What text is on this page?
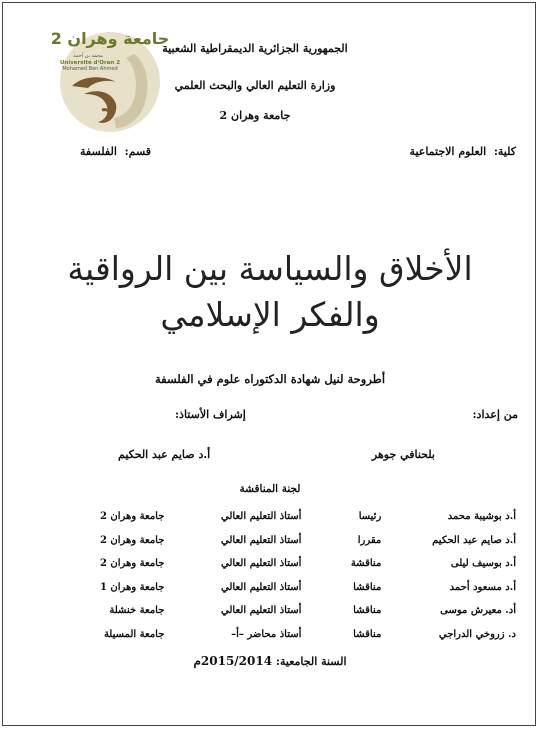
جامعة وهران 2
محمد بن أحمد
Université d'Oran 2
Mohamed Ben Ahmed
الجمهورية الجزائرية الديمقراطية الشعبية
وزارة التعليم العالي والبحث العلمي
جامعة وهران 2
كلية:  العلوم الاجتماعية
قسم:  الفلسفة
الأخلاق والسياسة بين الرواقية
والفكر الإسلامي
أطروحة لنيل شهادة الدكتوراه علوم في الفلسفة
من إعداد:
إشراف الأستاذ:
بلحنافي جوهر
أ.د صايم عبد الحكيم
لجنة المناقشة
أ.د بوشيبة محمد	رئيسا	أستاذ التعليم العالي	جامعة وهران 2
أ.د صايم عبد الحكيم	مقررا	أستاذ التعليم العالي	جامعة وهران 2
أ.د بوسيف ليلى	مناقشة	أستاذ التعليم العالي	جامعة وهران 2
أ.د مسعود أحمد	مناقشا	أستاذ التعليم العالي	جامعة وهران 1
أد. معيرش موسى	مناقشا	أستاذ التعليم العالي	جامعة خنشلة
د. زروخي الدراجي	مناقشا	أستاذ محاضر –أ–	جامعة المسيلة
السنة الجامعية: 2015/2014م
